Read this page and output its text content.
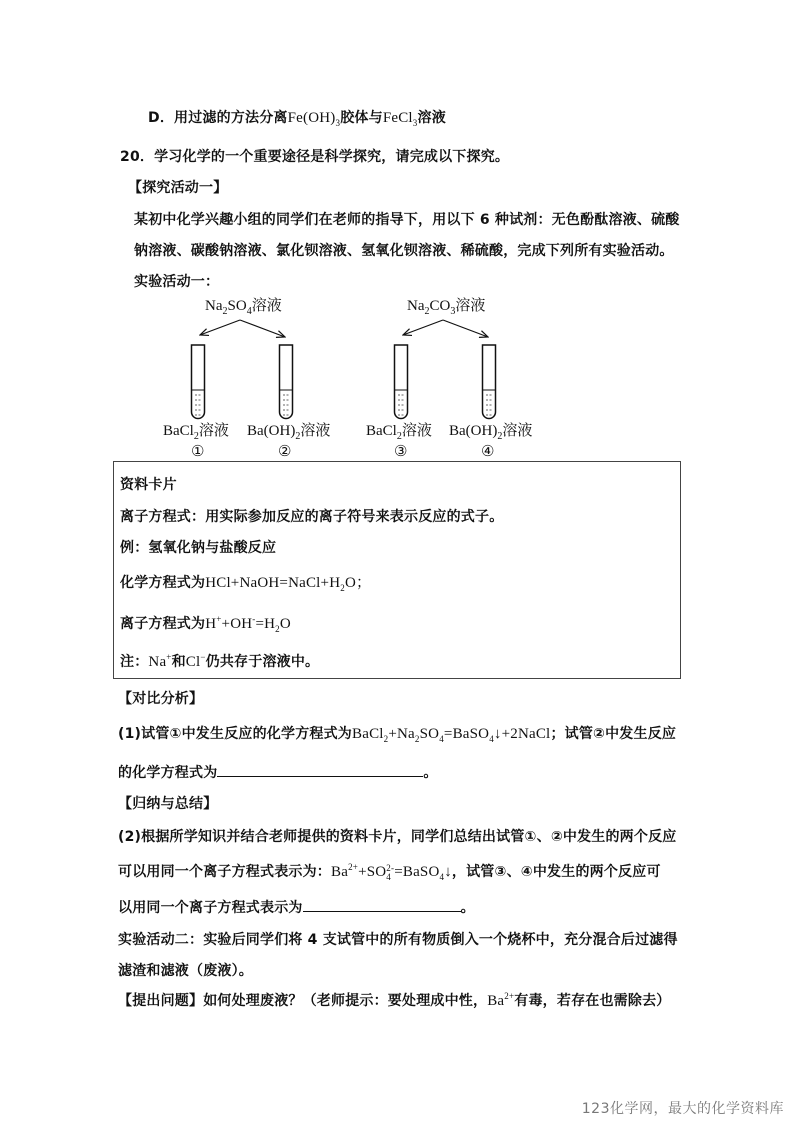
D．用过滤的方法分离$Fe(OH)_3$胶体与FeCl$_3$溶液
20．学习化学的一个重要途径是科学探究，请完成以下探究。
【探究活动一】
某初中化学兴趣小组的同学们在老师的指导下，用以下 6 种试剂：无色酚酞溶液、硫酸
钠溶液、碳酸钠溶液、氯化钡溶液、氢氧化钡溶液、稀硫酸，完成下列所有实验活动。
实验活动一：
$Na_2SO_4$溶液	$Na_2CO_3$溶液
BaCl$_2$溶液 $Ba(OH)_2$溶液 BaCl$_2$溶液 $Ba(OH)_2$溶液
①	②	③	④
资料卡片
离子方程式：用实际参加反应的离子符号来表示反应的式子。
例：氢氧化钠与盐酸反应
化学方程式为$HCl+NaOH=NaCl+H_2O$；
离子方程式为$H^++OH^-=H_2O$
注：Na+和Cl−仍共存于溶液中。
【对比分析】
(1)试管①中发生反应的化学方程式为$BaCl_2+Na_2SO_4=BaSO_4↓+2NaCl$；试管②中发生反应
的化学方程式为	。
【归纳与总结】
(2)根据所学知识并结合老师提供的资料卡片，同学们总结出试管①、②中发生的两个反应
可以用同一个离子方程式表示为：$Ba^{2+}+SO$ 2-
4 =BaSO$_4$↓，试管③、④中发生的两个反应可
以用同一个离子方程式表示为	。
实验活动二：实验后同学们将 4 支试管中的所有物质倒入一个烧杯中，充分混合后过滤得
滤渣和滤液（废液）。
【提出问题】如何处理废液？（老师提示：要处理成中性，$Ba^{2+}$有毒，若存在也需除去）
123化学网，最大的化学资料库
